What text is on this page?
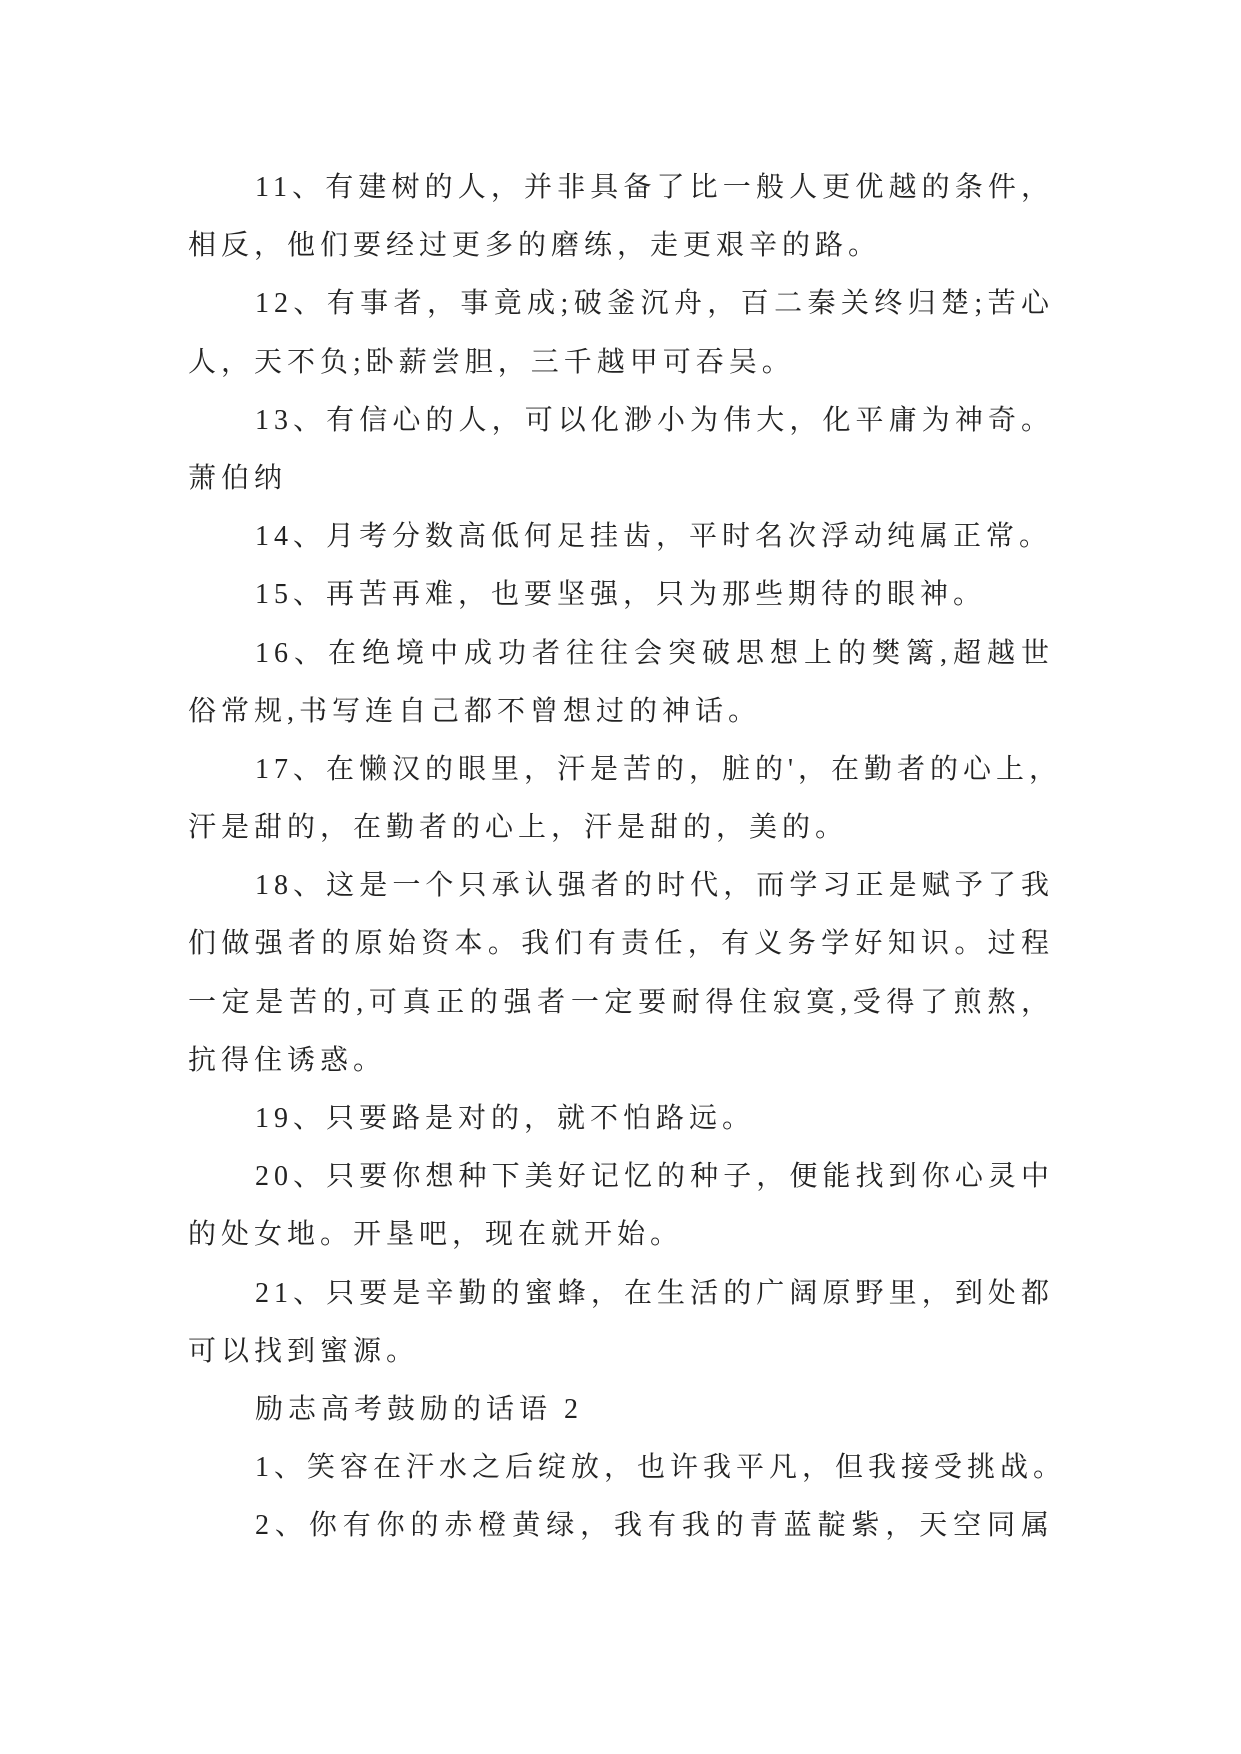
11、有建树的人，并非具备了比一般人更优越的条件，
相反，他们要经过更多的磨练，走更艰辛的路。
12、有事者，事竟成;破釜沉舟，百二秦关终归楚;苦心
人，天不负;卧薪尝胆，三千越甲可吞吴。
13、有信心的人，可以化渺小为伟大，化平庸为神奇。
萧伯纳
14、月考分数高低何足挂齿，平时名次浮动纯属正常。
15、再苦再难，也要坚强，只为那些期待的眼神。
16、在绝境中成功者往往会突破思想上的樊篱,超越世
俗常规,书写连自己都不曾想过的神话。
17、在懒汉的眼里，汗是苦的，脏的'，在勤者的心上，
汗是甜的，在勤者的心上，汗是甜的，美的。
18、这是一个只承认强者的时代，而学习正是赋予了我
们做强者的原始资本。我们有责任，有义务学好知识。过程
一定是苦的,可真正的强者一定要耐得住寂寞,受得了煎熬，
抗得住诱惑。
19、只要路是对的，就不怕路远。
20、只要你想种下美好记忆的种子，便能找到你心灵中
的处女地。开垦吧，现在就开始。
21、只要是辛勤的蜜蜂，在生活的广阔原野里，到处都
可以找到蜜源。
励志高考鼓励的话语 2
1、笑容在汗水之后绽放，也许我平凡，但我接受挑战。
2、你有你的赤橙黄绿，我有我的青蓝靛紫，天空同属
